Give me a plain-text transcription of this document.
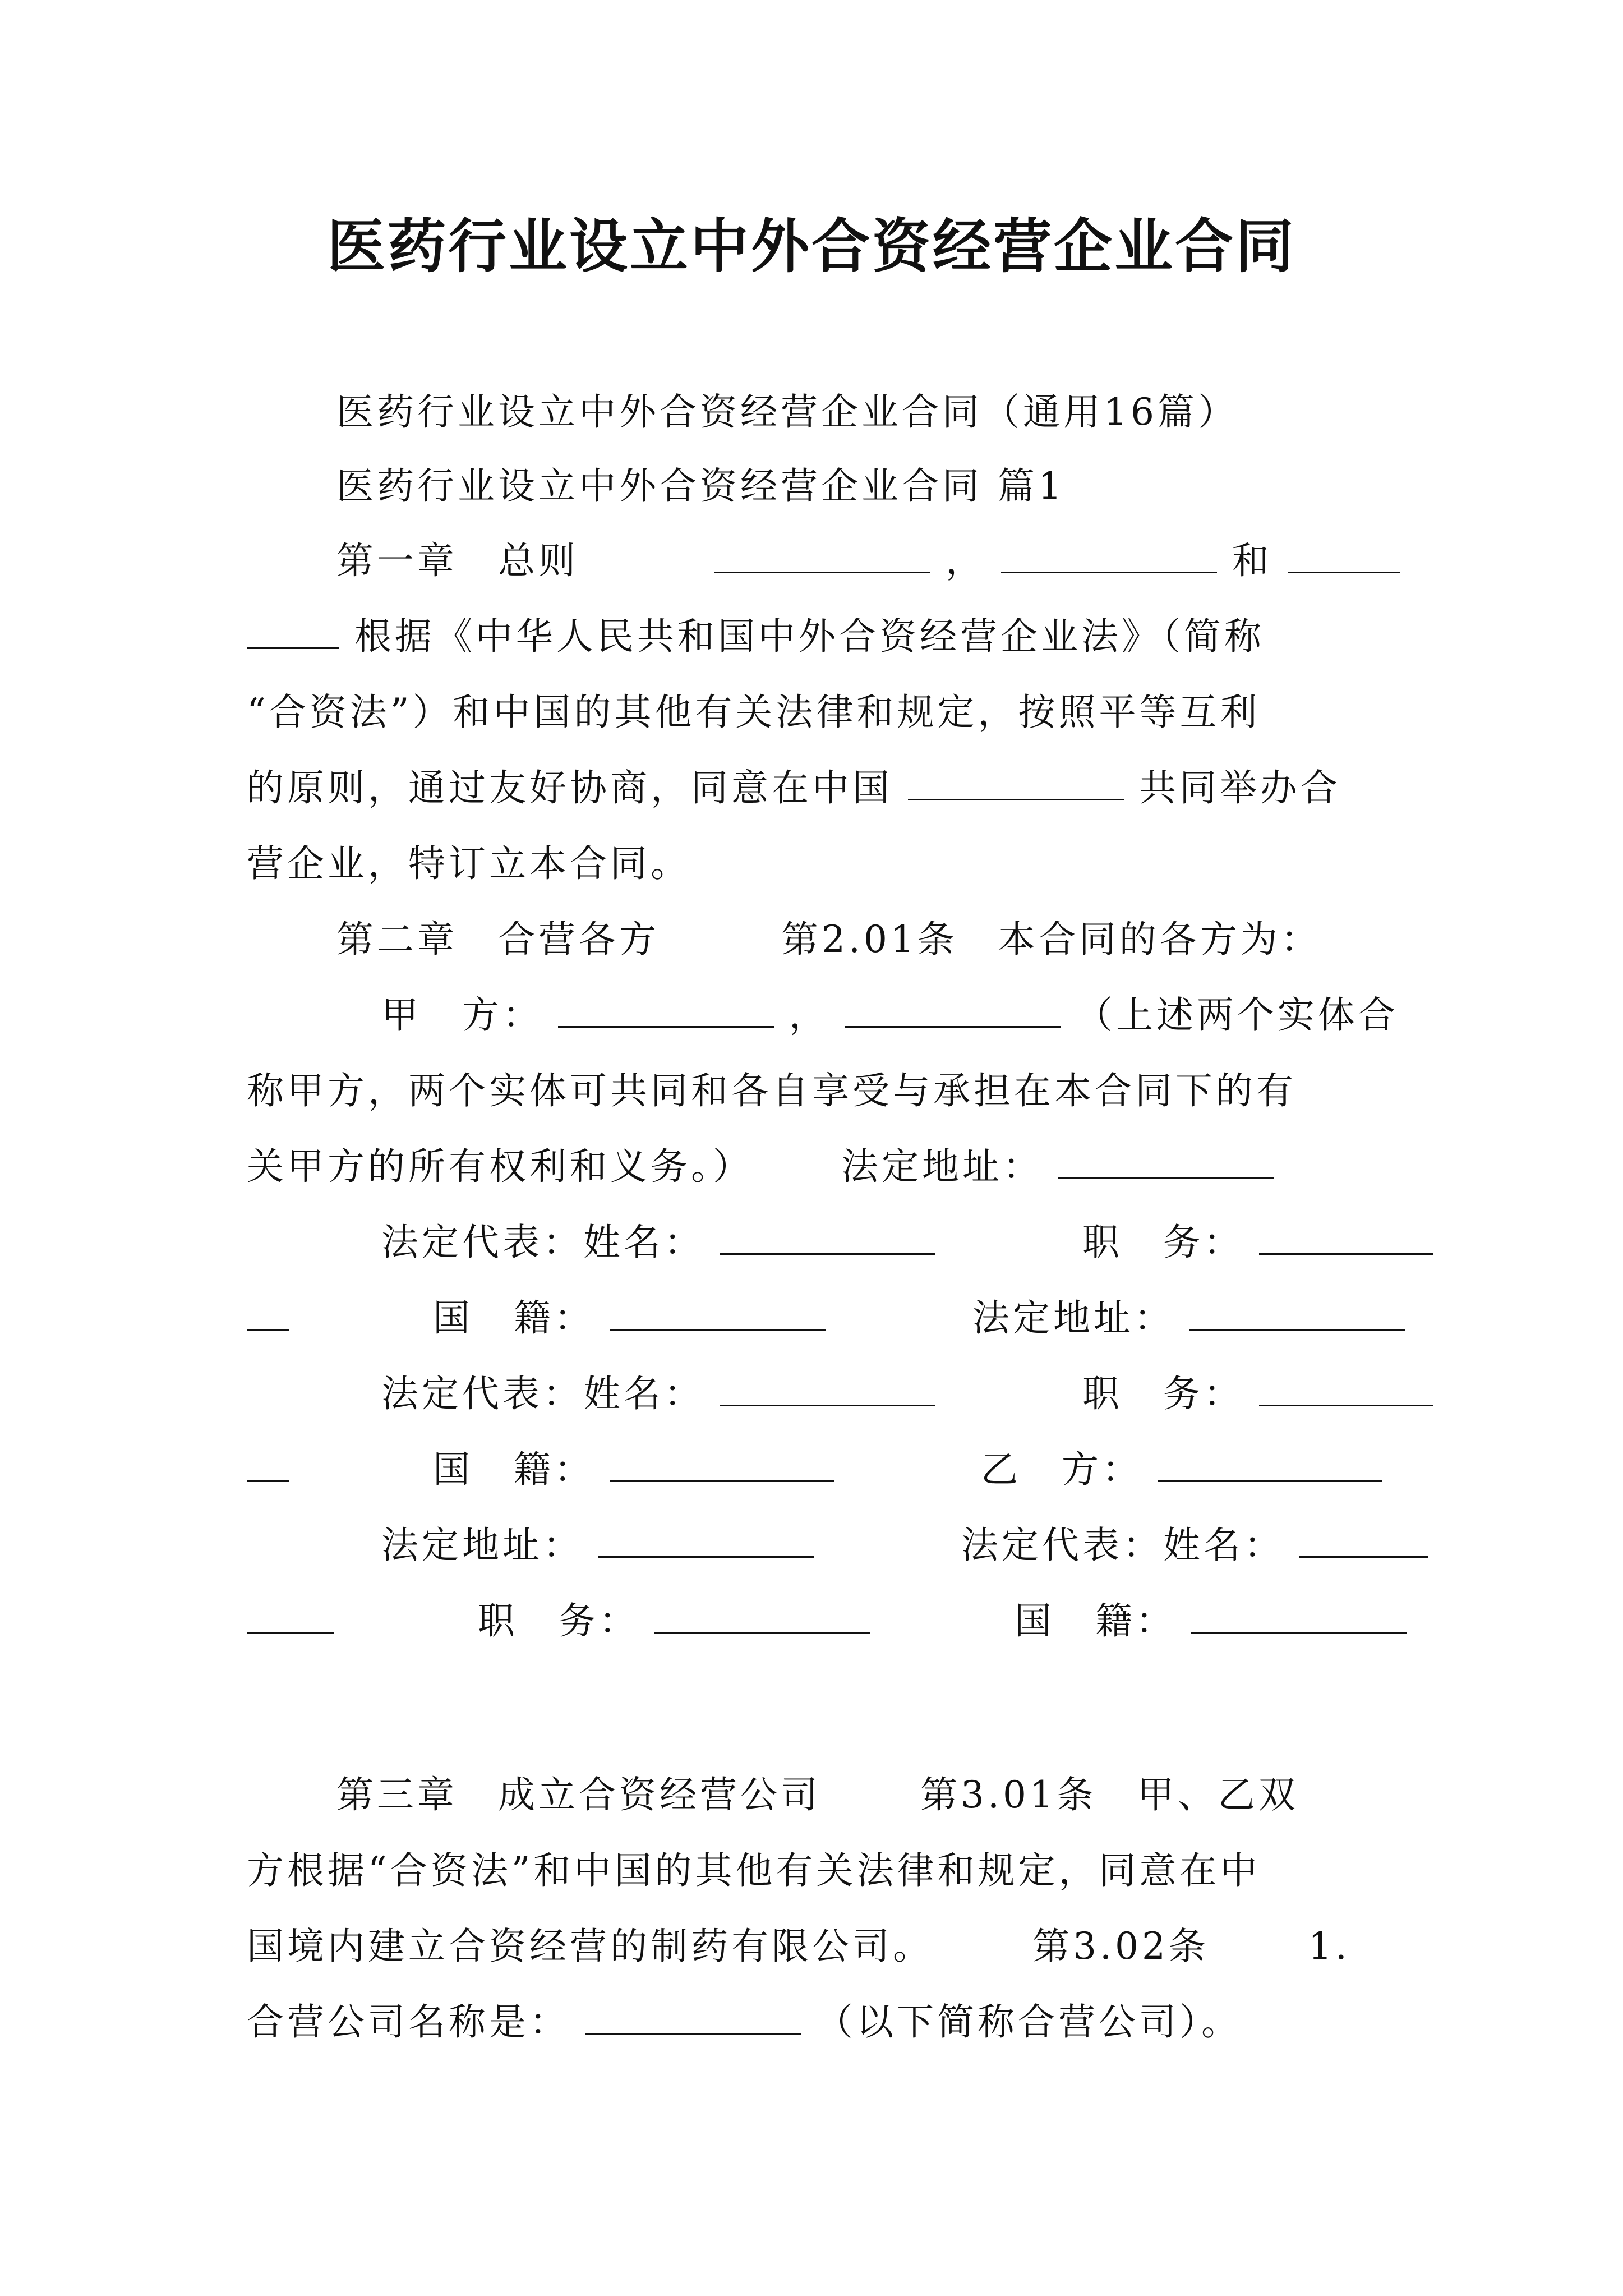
医药行业设立中外合资经营企业合同
医药行业设立中外合资经营企业合同（通用16篇）
医药行业设立中外合资经营企业合同 篇1
第一章　总则	，	和
根据《中华人民共和国中外合资经营企业法》（简称
“合资法”）和中国的其他有关法律和规定，按照平等互利
的原则，通过友好协商，同意在中国	共同举办合
营企业，特订立本合同。
第二章　合营各方	第2.01条　本合同的各方为：
甲　方：	，	（上述两个实体合
称甲方，两个实体可共同和各自享受与承担在本合同下的有
关甲方的所有权利和义务。） 法定地址：
法定代表：姓名：	职　务：
国　籍：	法定地址：
法定代表：姓名：	职　务：
国　籍：	乙　方：
法定地址：	法定代表：姓名：
职　务：	国　籍：
第三章　成立合资经营公司	第3.01条　甲、乙双
方根据“合资法”和中国的其他有关法律和规定，同意在中
国境内建立合资经营的制药有限公司。	第3.02条	1.
合营公司名称是：	（以下简称合营公司）。
